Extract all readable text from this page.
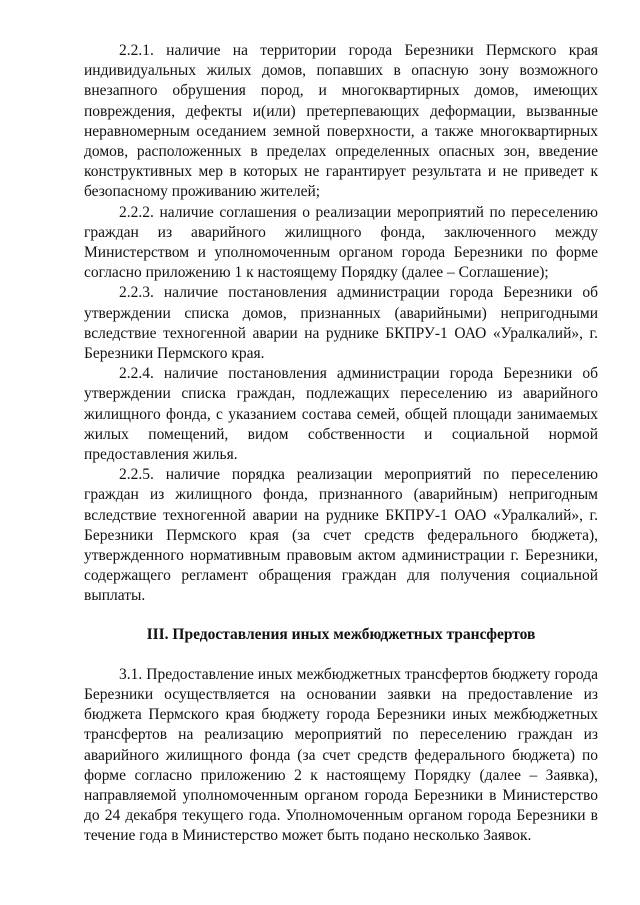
2.2.1. наличие на территории города Березники Пермского края индивидуальных жилых домов, попавших в опасную зону возможного внезапного обрушения пород, и многоквартирных домов, имеющих повреждения, дефекты и(или) претерпевающих деформации, вызванные неравномерным оседанием земной поверхности, а также многоквартирных домов, расположенных в пределах определенных опасных зон, введение конструктивных мер в которых не гарантирует результата и не приведет к безопасному проживанию жителей;

2.2.2. наличие соглашения о реализации мероприятий по переселению граждан из аварийного жилищного фонда, заключенного между Министерством и уполномоченным органом города Березники по форме согласно приложению 1 к настоящему Порядку (далее – Соглашение);

2.2.3. наличие постановления администрации города Березники об утверждении списка домов, признанных (аварийными) непригодными вследствие техногенной аварии на руднике БКПРУ-1 ОАО «Уралкалий», г. Березники Пермского края.

2.2.4. наличие постановления администрации города Березники об утверждении списка граждан, подлежащих переселению из аварийного жилищного фонда, с указанием состава семей, общей площади занимаемых жилых помещений, видом собственности и социальной нормой предоставления жилья.

2.2.5. наличие порядка реализации мероприятий по переселению граждан из жилищного фонда, признанного (аварийным) непригодным вследствие техногенной аварии на руднике БКПРУ-1 ОАО «Уралкалий», г. Березники Пермского края (за счет средств федерального бюджета), утвержденного нормативным правовым актом администрации г. Березники, содержащего регламент обращения граждан для получения социальной выплаты.

III. Предоставления иных межбюджетных трансфертов

3.1. Предоставление иных межбюджетных трансфертов бюджету города Березники осуществляется на основании заявки на предоставление из бюджета Пермского края бюджету города Березники иных межбюджетных трансфертов на реализацию мероприятий по переселению граждан из аварийного жилищного фонда (за счет средств федерального бюджета) по форме согласно приложению 2 к настоящему Порядку (далее – Заявка), направляемой уполномоченным органом города Березники в Министерство до 24 декабря текущего года. Уполномоченным органом города Березники в течение года в Министерство может быть подано несколько Заявок.
